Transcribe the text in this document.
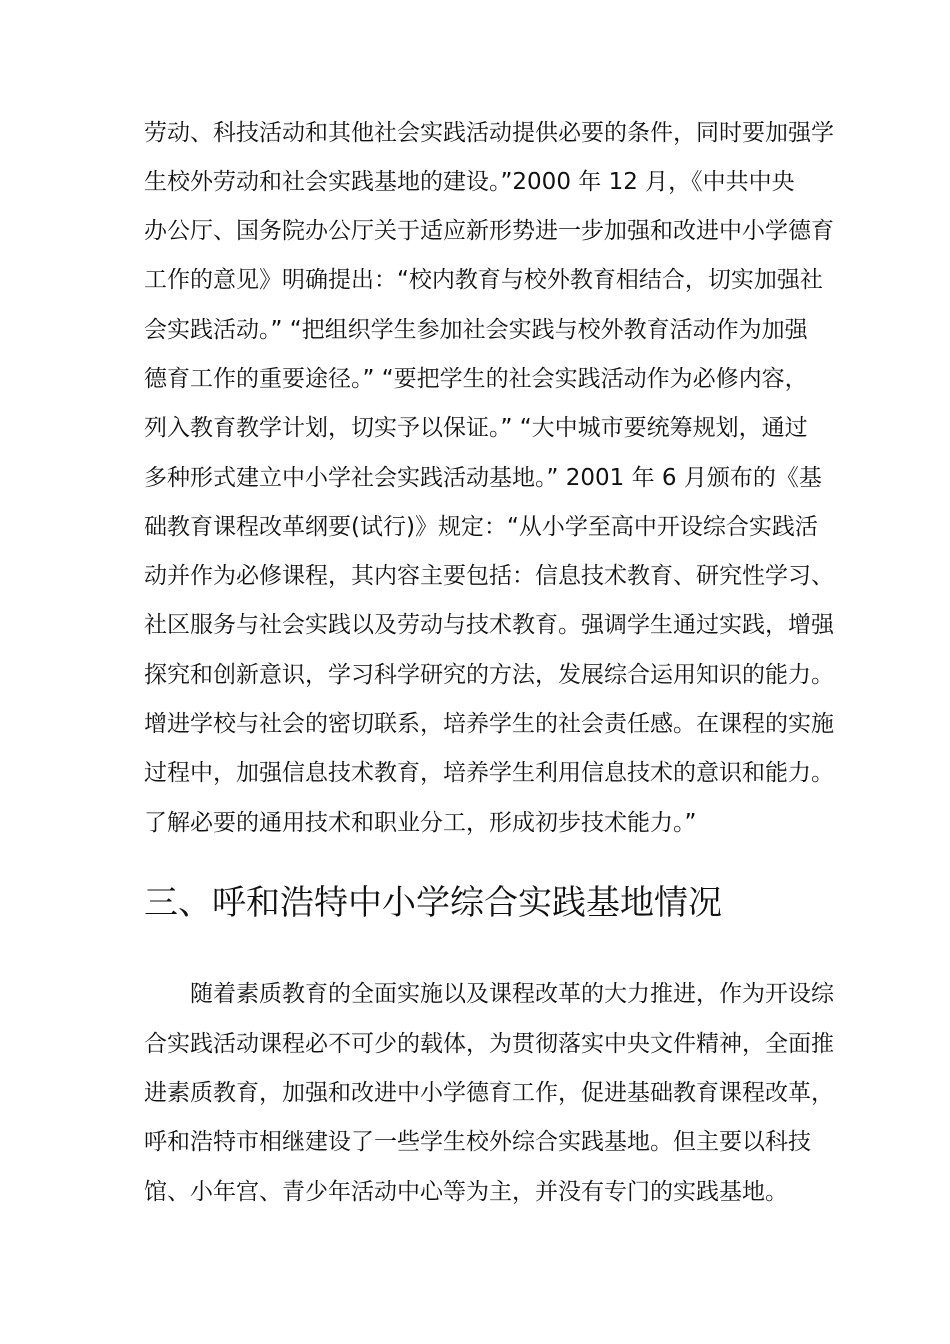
劳动、科技活动和其他社会实践活动提供必要的条件，同时要加强学
生校外劳动和社会实践基地的建设。”2000 年 12 月，《中共中央
办公厅、国务院办公厅关于适应新形势进一步加强和改进中小学德育
工作的意见》明确提出：“校内教育与校外教育相结合，切实加强社
会实践活动。” “把组织学生参加社会实践与校外教育活动作为加强
德育工作的重要途径。” “要把学生的社会实践活动作为必修内容，
列入教育教学计划，切实予以保证。” “大中城市要统筹规划，通过
多种形式建立中小学社会实践活动基地。” 2001 年 6 月颁布的《基
础教育课程改革纲要(试行)》规定：“从小学至高中开设综合实践活
动并作为必修课程，其内容主要包括：信息技术教育、研究性学习、
社区服务与社会实践以及劳动与技术教育。强调学生通过实践，增强
探究和创新意识，学习科学研究的方法，发展综合运用知识的能力。
增进学校与社会的密切联系，培养学生的社会责任感。在课程的实施
过程中，加强信息技术教育，培养学生利用信息技术的意识和能力。
了解必要的通用技术和职业分工，形成初步技术能力。”
三、呼和浩特中小学综合实践基地情况
随着素质教育的全面实施以及课程改革的大力推进，作为开设综
合实践活动课程必不可少的载体，为贯彻落实中央文件精神，全面推
进素质教育，加强和改进中小学德育工作，促进基础教育课程改革，
呼和浩特市相继建设了一些学生校外综合实践基地。但主要以科技
馆、小年宫、青少年活动中心等为主，并没有专门的实践基地。
